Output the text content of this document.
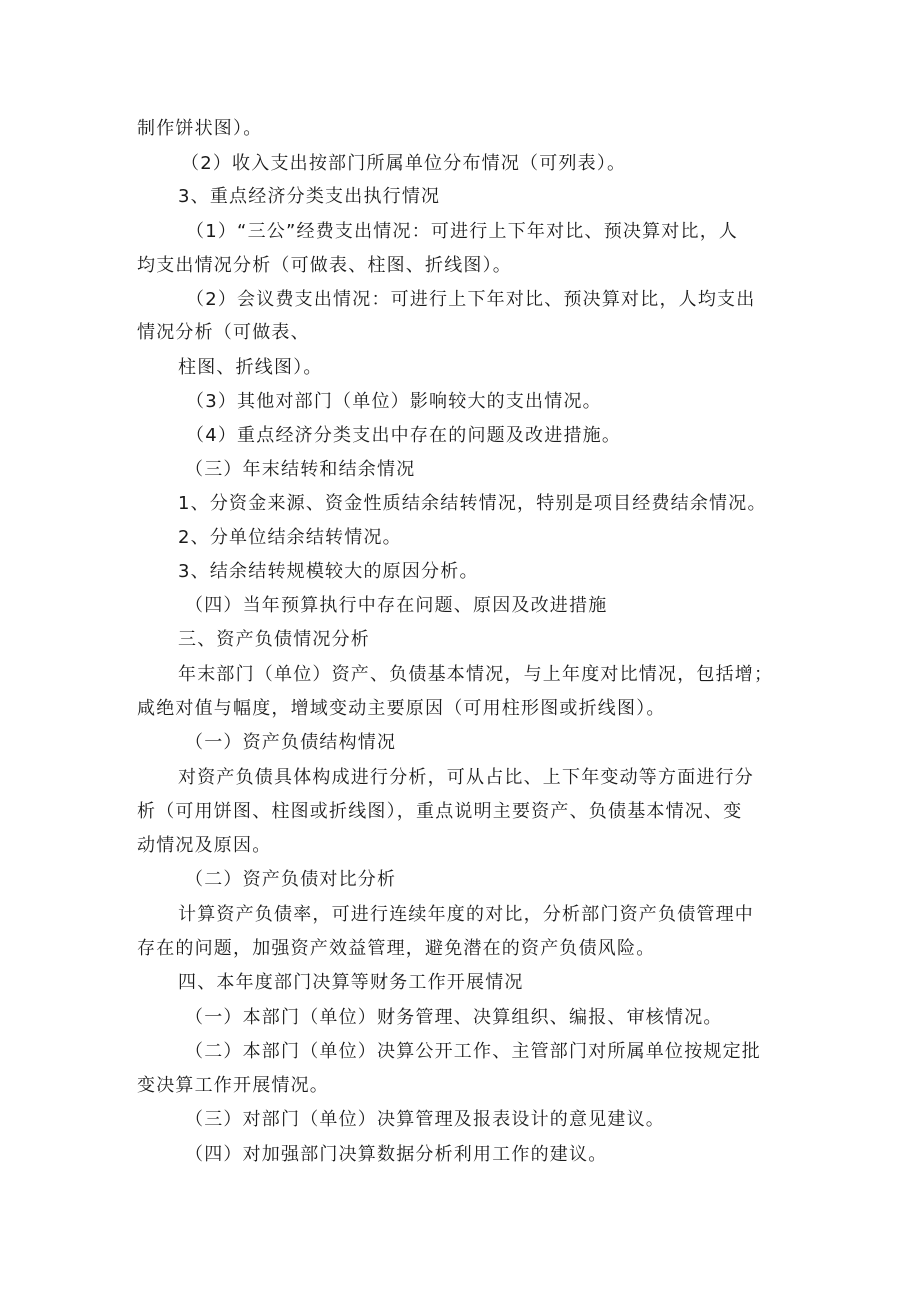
制作饼状图）。
（2）收入支出按部门所属单位分布情况（可列表）。
3、重点经济分类支出执行情况
（1）“三公”经费支出情况：可进行上下年对比、预决算对比，人
均支出情况分析（可做表、柱图、折线图）。
（2）会议费支出情况：可进行上下年对比、预决算对比，人均支出
情况分析（可做表、
柱图、折线图）。
（3）其他对部门（单位）影响较大的支出情况。
（4）重点经济分类支出中存在的问题及改进措施。
（三）年末结转和结余情况
1、分资金来源、资金性质结余结转情况，特别是项目经费结余情况。
2、分单位结余结转情况。
3、结余结转规模较大的原因分析。
（四）当年预算执行中存在问题、原因及改进措施
三、资产负债情况分析
年末部门（单位）资产、负债基本情况，与上年度对比情况，包括增；
咸绝对值与幅度，增域变动主要原因（可用柱形图或折线图）。
（一）资产负债结构情况
对资产负债具体构成进行分析，可从占比、上下年变动等方面进行分
析（可用饼图、柱图或折线图），重点说明主要资产、负债基本情况、变
动情况及原因。
（二）资产负债对比分析
计算资产负债率，可进行连续年度的对比，分析部门资产负债管理中
存在的问题，加强资产效益管理，避免潜在的资产负债风险。
四、本年度部门决算等财务工作开展情况
（一）本部门（单位）财务管理、决算组织、编报、审核情况。
（二）本部门（单位）决算公开工作、主管部门对所属单位按规定批
变决算工作开展情况。
（三）对部门（单位）决算管理及报表设计的意见建议。
（四）对加强部门决算数据分析利用工作的建议。
